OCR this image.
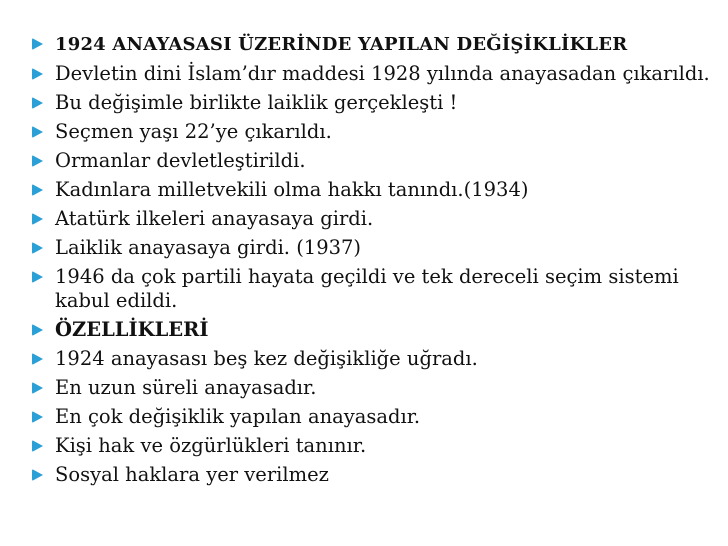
1924 ANAYASASI ÜZERİNDE YAPILAN DEĞİŞİKLİKLER
Devletin dini İslam’dır maddesi 1928 yılında anayasadan çıkarıldı.
Bu değişimle birlikte laiklik gerçekleşti !
Seçmen yaşı 22’ye çıkarıldı.
Ormanlar devletleştirildi.
Kadınlara milletvekili olma hakkı tanındı.(1934)
Atatürk ilkeleri anayasaya girdi.
Laiklik anayasaya girdi. (1937)
1946 da çok partili hayata geçildi ve tek dereceli seçim sistemi kabul edildi.
ÖZELLİKLERİ
1924 anayasası beş kez değişikliğe uğradı.
En uzun süreli anayasadır.
En çok değişiklik yapılan anayasadır.
Kişi hak ve özgürlükleri tanınır.
Sosyal haklara yer verilmez
